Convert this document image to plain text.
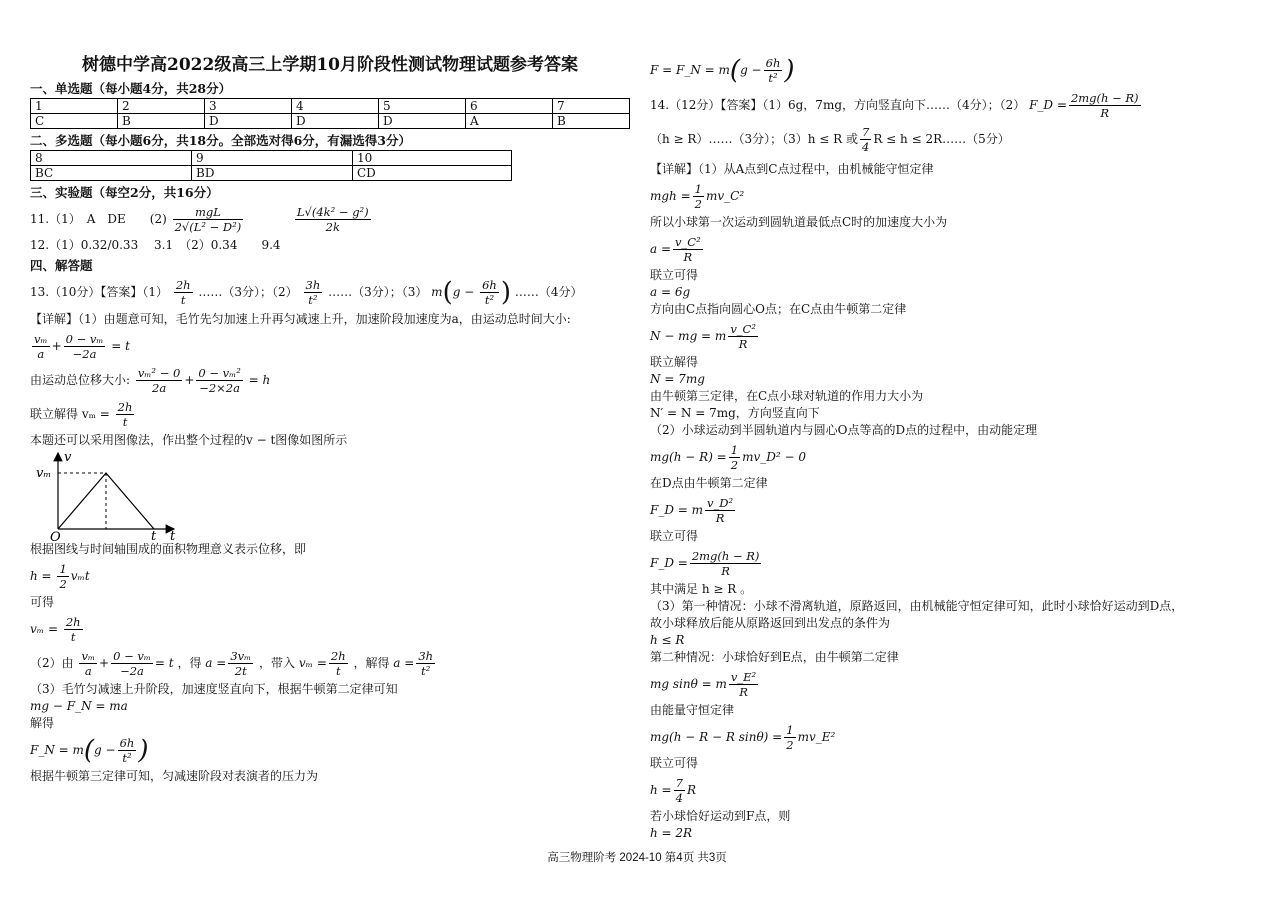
树德中学高2022级高三上学期10月阶段性测试物理试题参考答案
一、单选题（每小题4分，共28分）
1	2	3	4	5	6	7
C	B	D	D	D	A	B
二、多选题（每小题6分，共18分。全部选对得6分，有漏选得3分）
8	9	10
BC	BD	CD
三、实验题（每空2分，共16分）

11.（1）　A　DE　　$(2) \frac{\text{mgL}}{\text{2√(L² − D²)}}$
	$\frac{\text{L√(4k² − g²)}}{2k}$

12.（1）0.32/0.33　 3.1　（2）0.34　　9.4

四、解答题

13.（10分）【答案】$(1) \frac{2h}{t}$ ……（3分）；$(2) \frac{3h}{\text{t²}}$ ……（3分）；（3） $m(g - \frac{6h}{\text{t²}}$ ) ……（4分）

【详解】（1）由题意可知，毛竹先匀加速上升再匀减速上升，加速阶段加速度为a，由运动总时间大小:

$\frac{\text{vₘ}}{a} + \frac{\text{0 − vₘ}}{-2a} = t$

由运动总位移大小: $\frac{\text{vₘ² − 0}}{2a} + \frac{\text{0 − vₘ²}}{-2\times 2a} = h$

联立解得 $v_m = \frac{2h}{t}$

本题还可以采用图像法，作出整个过程的v − t图像如图所示

v
vₘ
t t
O

根据图线与时间轴围成的面积物理意义表示位移，即

$h = \frac{1}{2}$ vₘt

可得

$v_m = \frac{2h}{t}$

（2）由 $\frac{\text{vₘ}}{a} + \frac{\text{0 − vₘ}}{-2a} = t$ ，得 $a = \frac{\text{3vₘ}}{2t}$ ，带入 $v_m = \frac{2h}{t}$ ，解得 $a = \frac{3h}{\text{t²}}$

（3）毛竹匀减速上升阶段，加速度竖直向下，根据牛顿第二定律可知

mg − F_N = ma

解得

F_N = $m(g - \frac{6h}{\text{t²}}$ )

根据牛顿第三定律可知，匀减速阶段对表演者的压力为

F = F_N = $m(g - \frac{6h}{\text{t²}}$ )

14.（12分）【答案】（1）6g，7mg，方向竖直向下……（4分）；（2） F_D = $\frac{2mg(h - R)}{R}$

（h ≥ R）……（3分）；（3）h ≤ R 或 $\frac{7}{4}$ R ≤ h ≤ 2R……（5分）

【详解】（1）从A点到C点过程中，由机械能守恒定律

mgh = $\frac{1}{2}$ mv_C²

所以小球第一次运动到圆轨道最低点C时的加速度大小为

$a = \frac{\text{v\_C²}}{R}$

联立可得

a = 6g

方向由C点指向圆心O点；在C点由牛顿第二定律

N − mg = m $\frac{\text{v\_C²}}{R}$

联立解得

N = 7mg

由牛顿第三定律，在C点小球对轨道的作用力大小为

N′ = N = 7mg，方向竖直向下

（2）小球运动到半圆轨道内与圆心O点等高的D点的过程中，由动能定理

$mg(h - R) = \frac{1}{2}$ mv_D² − 0

在D点由牛顿第二定律

F_D = m $\frac{\text{v\_D²}}{R}$

联立可得

F_D = $\frac{2mg(h - R)}{R}$

其中满足 h ≥ R 。

（3）第一种情况：小球不滑离轨道，原路返回，由机械能守恒定律可知，此时小球恰好运动到D点，

故小球释放后能从原路返回到出发点的条件为

h ≤ R

第二种情况：小球恰好到E点，由牛顿第二定律

mg sinθ = m $\frac{\text{v\_E²}}{R}$

由能量守恒定律

mg(h − R − R $\sin\theta) = \frac{1}{2}$ mv_E²

联立可得

$h = \frac{7}{4}$ R

若小球恰好运动到F点，则

h = 2R

高三物理阶考 2024-10 第4页 共3页
